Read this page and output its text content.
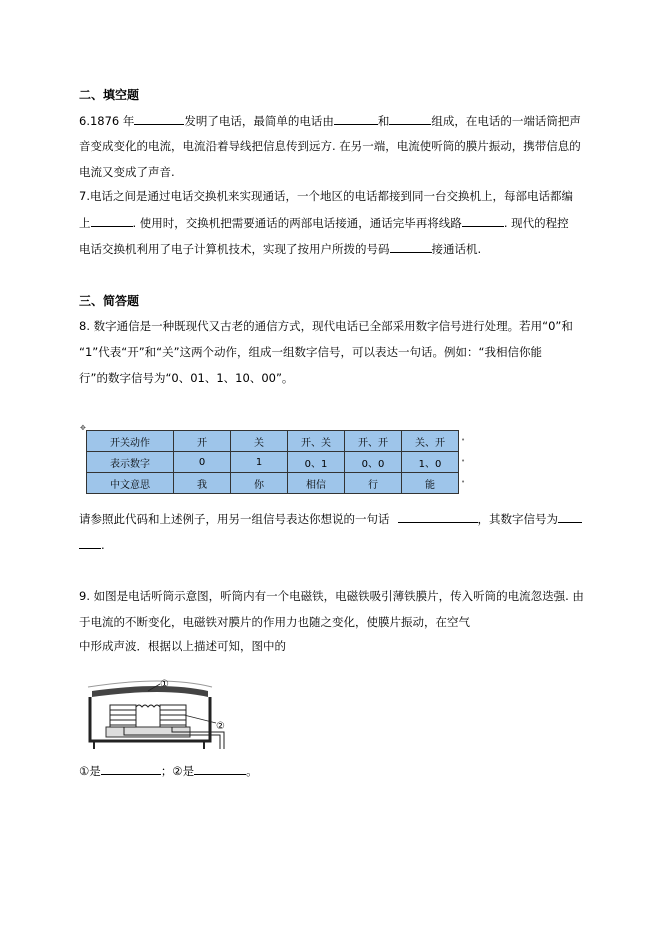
二、填空题
6.1876 年	发明了电话，最简单的电话由	和	组成，在电话的一端话筒把声
音变成变化的电流，电流沿着导线把信息传到远方. 在另一端，电流使听筒的膜片振动，携带信息的
电流又变成了声音.
7.电话之间是通过电话交换机来实现通话，一个地区的电话都接到同一台交换机上，每部电话都编
上	. 使用时，交换机把需要通话的两部电话接通，通话完毕再将线路	. 现代的程控
电话交换机利用了电子计算机技术，实现了按用户所拨的号码	接通话机.
三、简答题
8. 数字通信是一种既现代又古老的通信方式，现代电话已全部采用数字信号进行处理。若用“0”和
“1”代表“开”和“关”这两个动作，组成一组数字信号，可以表达一句话。例如：“我相信你能
行”的数字信号为“0、01、1、10、00”。
✥
开关动作	开	关	开、关	开、开	关、开
表示数字	0	1	0、1	0、0	1、0
中文意思	我	你	相信	行	能
•
•
•
请参照此代码和上述例子，用另一组信号表达你想说的一句话	，其数字信号为
.
9. 如图是电话听筒示意图，听筒内有一个电磁铁，电磁铁吸引薄铁膜片，传入听筒的电流忽迭强. 由
于电流的不断变化，电磁铁对膜片的作用力也随之变化，使膜片振动，在空气
中形成声波．根据以上描述可知，图中的
①
②
①是	；②是	。
